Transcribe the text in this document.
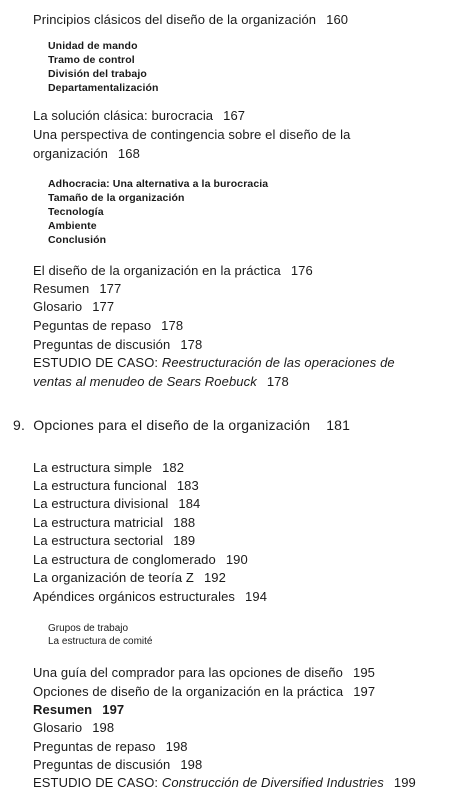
Principios clásicos del diseño de la organización 160
Unidad de mando
Tramo de control
División del trabajo
Departamentalización
La solución clásica: burocracia 167
Una perspectiva de contingencia sobre el diseño de la
organización 168
Adhocracia: Una alternativa a la burocracia
Tamaño de la organización
Tecnología
Ambiente
Conclusión
El diseño de la organización en la práctica 176
Resumen 177
Glosario 177
Peguntas de repaso 178
Preguntas de discusión 178
ESTUDIO DE CASO: Reestructuración de las operaciones de
ventas al menudeo de Sears Roebuck 178
9. Opciones para el diseño de la organización 181
La estructura simple 182
La estructura funcional 183
La estructura divisional 184
La estructura matricial 188
La estructura sectorial 189
La estructura de conglomerado 190
La organización de teoría Z 192
Apéndices orgánicos estructurales 194
Grupos de trabajo
La estructura de comité
Una guía del comprador para las opciones de diseño 195
Opciones de diseño de la organización en la práctica 197
Resumen 197
Glosario 198
Preguntas de repaso 198
Preguntas de discusión 198
ESTUDIO DE CASO: Construcción de Diversified Industries 199
